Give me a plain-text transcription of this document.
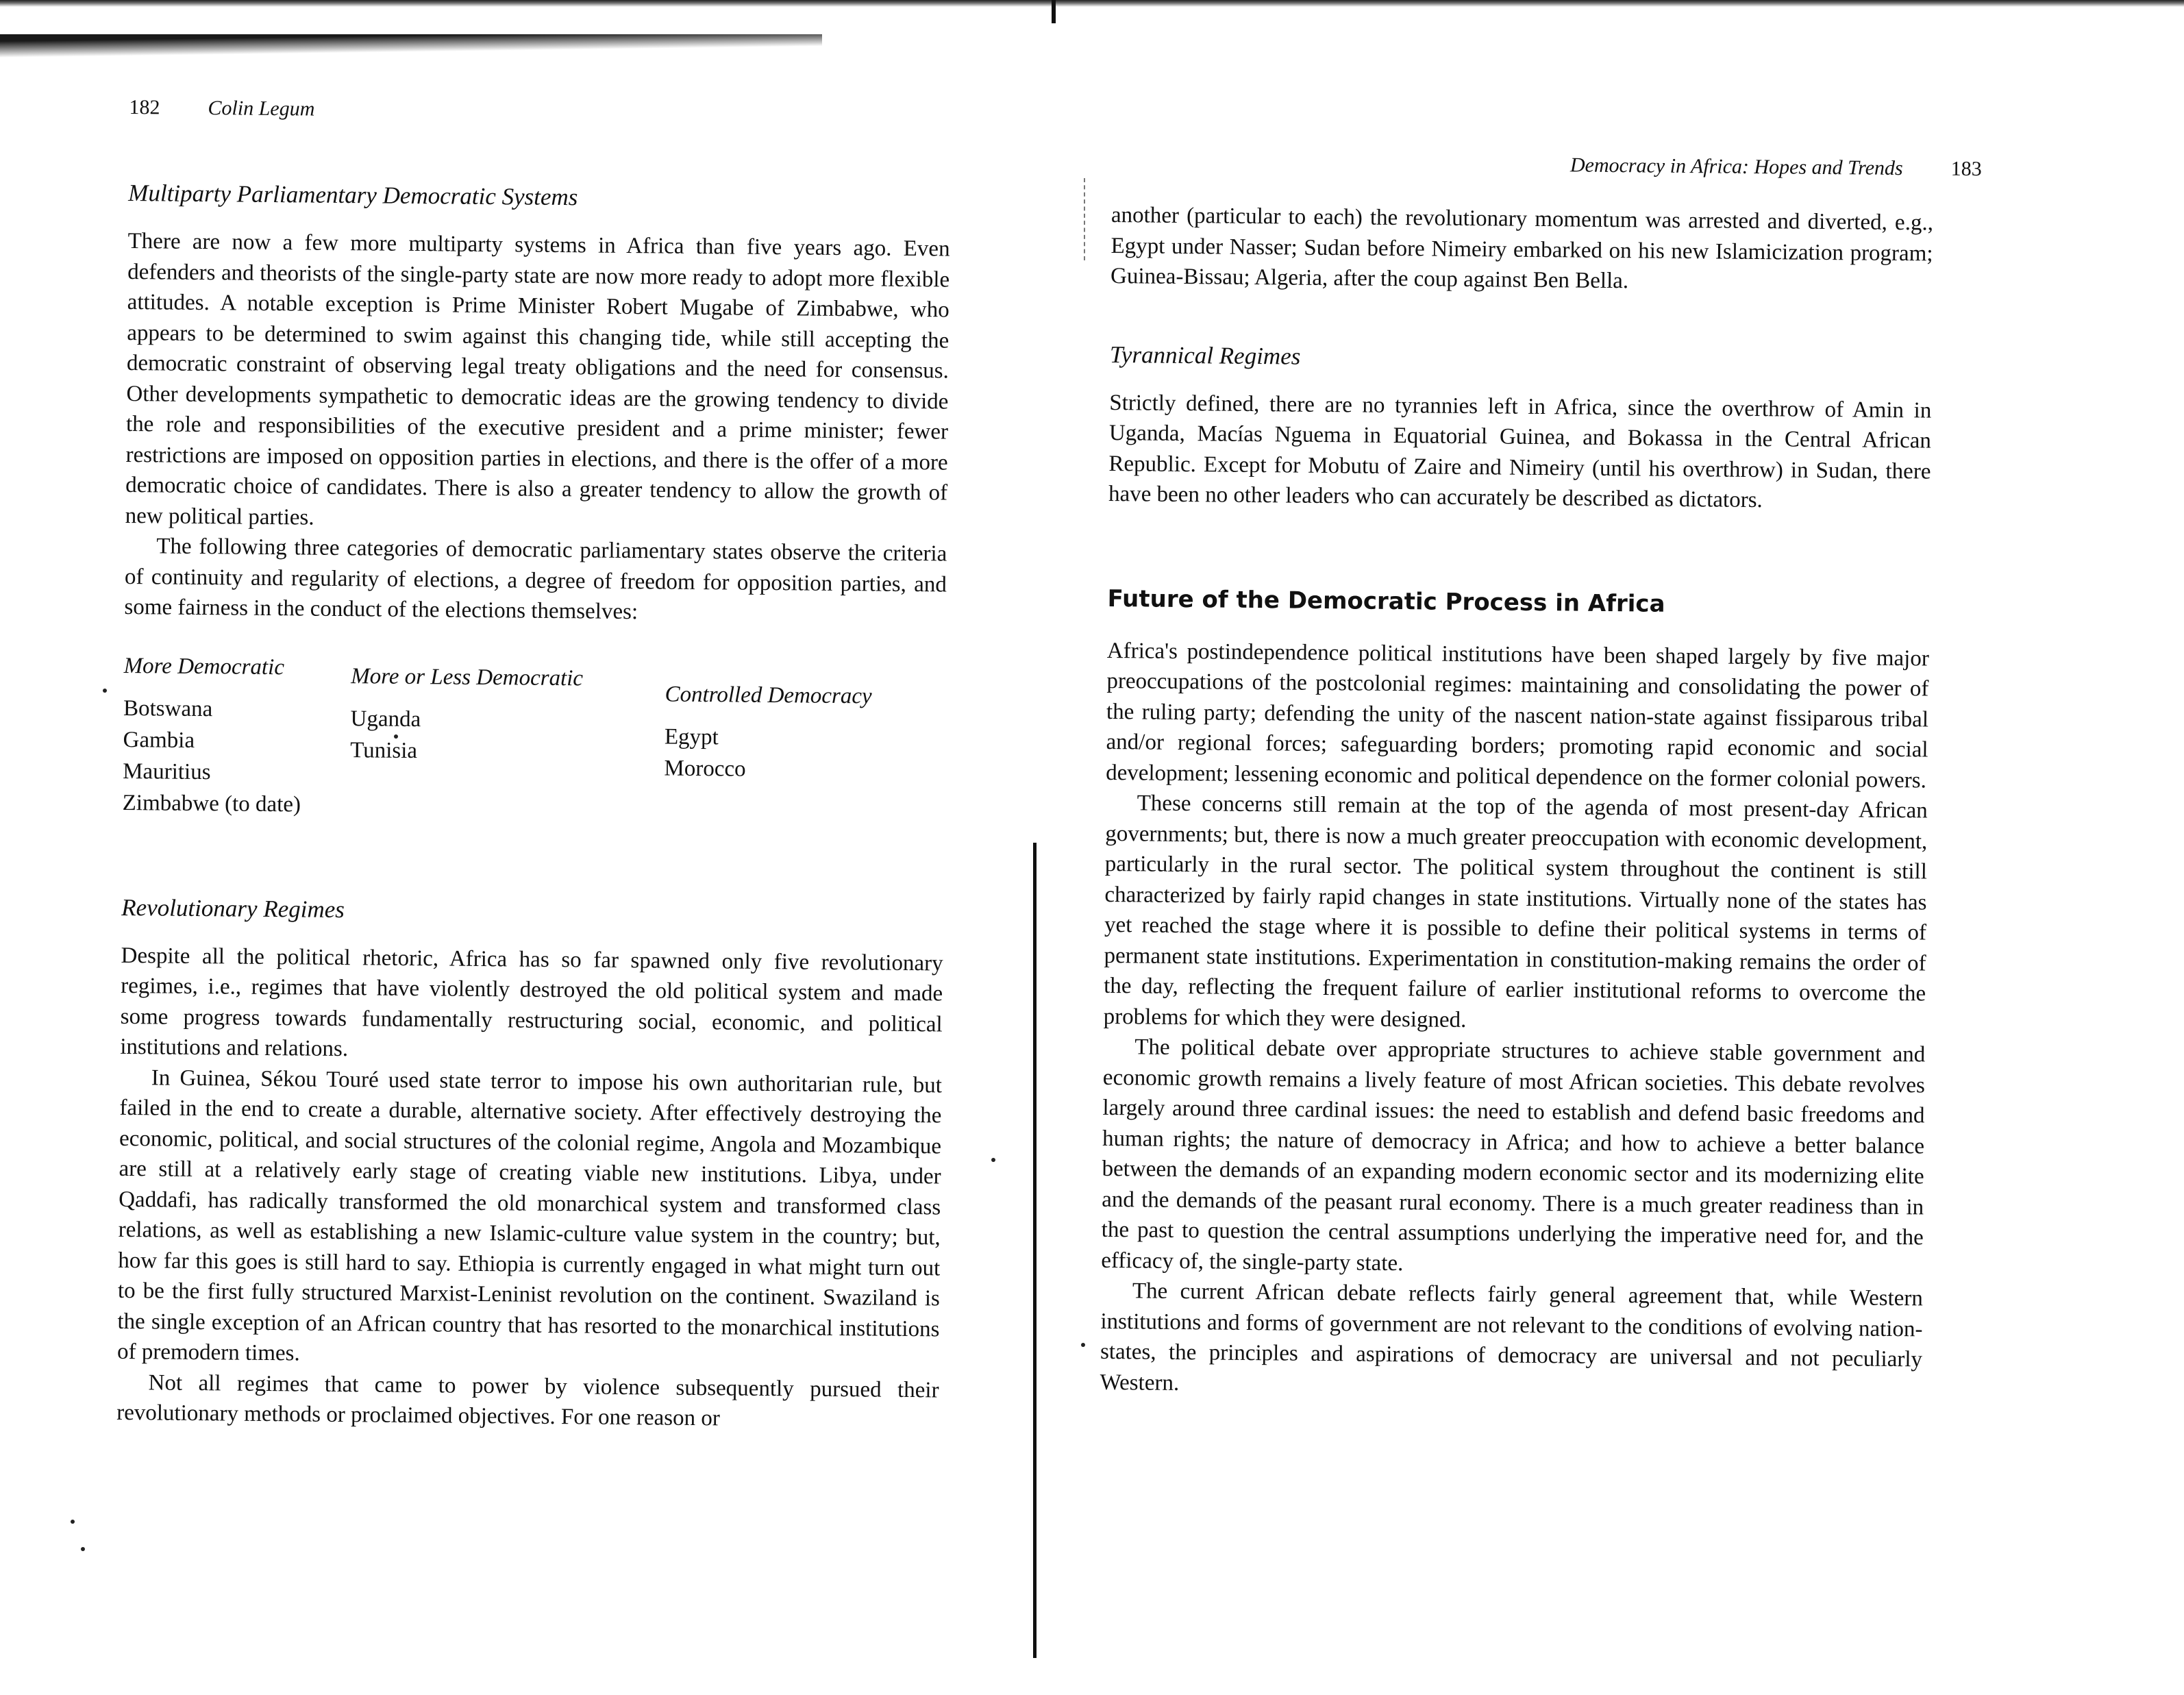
182 Colin Legum
Multiparty Parliamentary Democratic Systems

There are now a few more multiparty systems in Africa than five years ago. Even defenders and theorists of the single-party state are now more ready to adopt more flexible attitudes. A notable exception is Prime Minister Robert Mugabe of Zimbabwe, who appears to be determined to swim against this changing tide, while still accepting the democratic constraint of observing legal treaty obligations and the need for consensus. Other developments sympathetic to democratic ideas are the growing tendency to divide the role and responsibilities of the executive president and a prime minister; fewer restrictions are imposed on opposition parties in elections, and there is the offer of a more democratic choice of candidates. There is also a greater tendency to allow the growth of new political parties.

The following three categories of democratic parliamentary states observe the criteria of continuity and regularity of elections, a degree of freedom for opposition parties, and some fairness in the conduct of the elections themselves:

More Democratic
Botswana
Gambia
Mauritius
Zimbabwe (to date)
More or Less Democratic
Uganda
Tunisia
Controlled Democracy
Egypt
Morocco
Revolutionary Regimes

Despite all the political rhetoric, Africa has so far spawned only five revolutionary regimes, i.e., regimes that have violently destroyed the old political system and made some progress towards fundamentally restructuring social, economic, and political institutions and relations.

In Guinea, Sékou Touré used state terror to impose his own authoritarian rule, but failed in the end to create a durable, alternative society. After effectively destroying the economic, political, and social structures of the colonial regime, Angola and Mozambique are still at a relatively early stage of creating viable new institutions. Libya, under Qaddafi, has radically transformed the old monarchical system and transformed class relations, as well as establishing a new Islamic-culture value system in the country; but, how far this goes is still hard to say. Ethiopia is currently engaged in what might turn out to be the first fully structured Marxist-Leninist revolution on the continent. Swaziland is the single exception of an African country that has resorted to the monarchical institutions of premodern times.

Not all regimes that came to power by violence subsequently pursued their revolutionary methods or proclaimed objectives. For one reason or

Democracy in Africa: Hopes and Trends 183

another (particular to each) the revolutionary momentum was arrested and diverted, e.g., Egypt under Nasser; Sudan before Nimeiry embarked on his new Islamicization program; Guinea-Bissau; Algeria, after the coup against Ben Bella.

Tyrannical Regimes

Strictly defined, there are no tyrannies left in Africa, since the overthrow of Amin in Uganda, Macías Nguema in Equatorial Guinea, and Bokassa in the Central African Republic. Except for Mobutu of Zaire and Nimeiry (until his overthrow) in Sudan, there have been no other leaders who can accurately be described as dictators.

Future of the Democratic Process in Africa

Africa's postindependence political institutions have been shaped largely by five major preoccupations of the postcolonial regimes: maintaining and consolidating the power of the ruling party; defending the unity of the nascent nation-state against fissiparous tribal and/or regional forces; safeguarding borders; promoting rapid economic and social development; lessening economic and political dependence on the former colonial powers.

These concerns still remain at the top of the agenda of most present-day African governments; but, there is now a much greater preoccupation with economic development, particularly in the rural sector. The political system throughout the continent is still characterized by fairly rapid changes in state institutions. Virtually none of the states has yet reached the stage where it is possible to define their political systems in terms of permanent state institutions. Experimentation in constitution-making remains the order of the day, reflecting the frequent failure of earlier institutional reforms to overcome the problems for which they were designed.

The political debate over appropriate structures to achieve stable government and economic growth remains a lively feature of most African societies. This debate revolves largely around three cardinal issues: the need to establish and defend basic freedoms and human rights; the nature of democracy in Africa; and how to achieve a better balance between the demands of an expanding modern economic sector and its modernizing elite and the demands of the peasant rural economy. There is a much greater readiness than in the past to question the central assumptions underlying the imperative need for, and the efficacy of, the single-party state.

The current African debate reflects fairly general agreement that, while Western institutions and forms of government are not relevant to the conditions of evolving nation-states, the principles and aspirations of democracy are universal and not peculiarly Western.
